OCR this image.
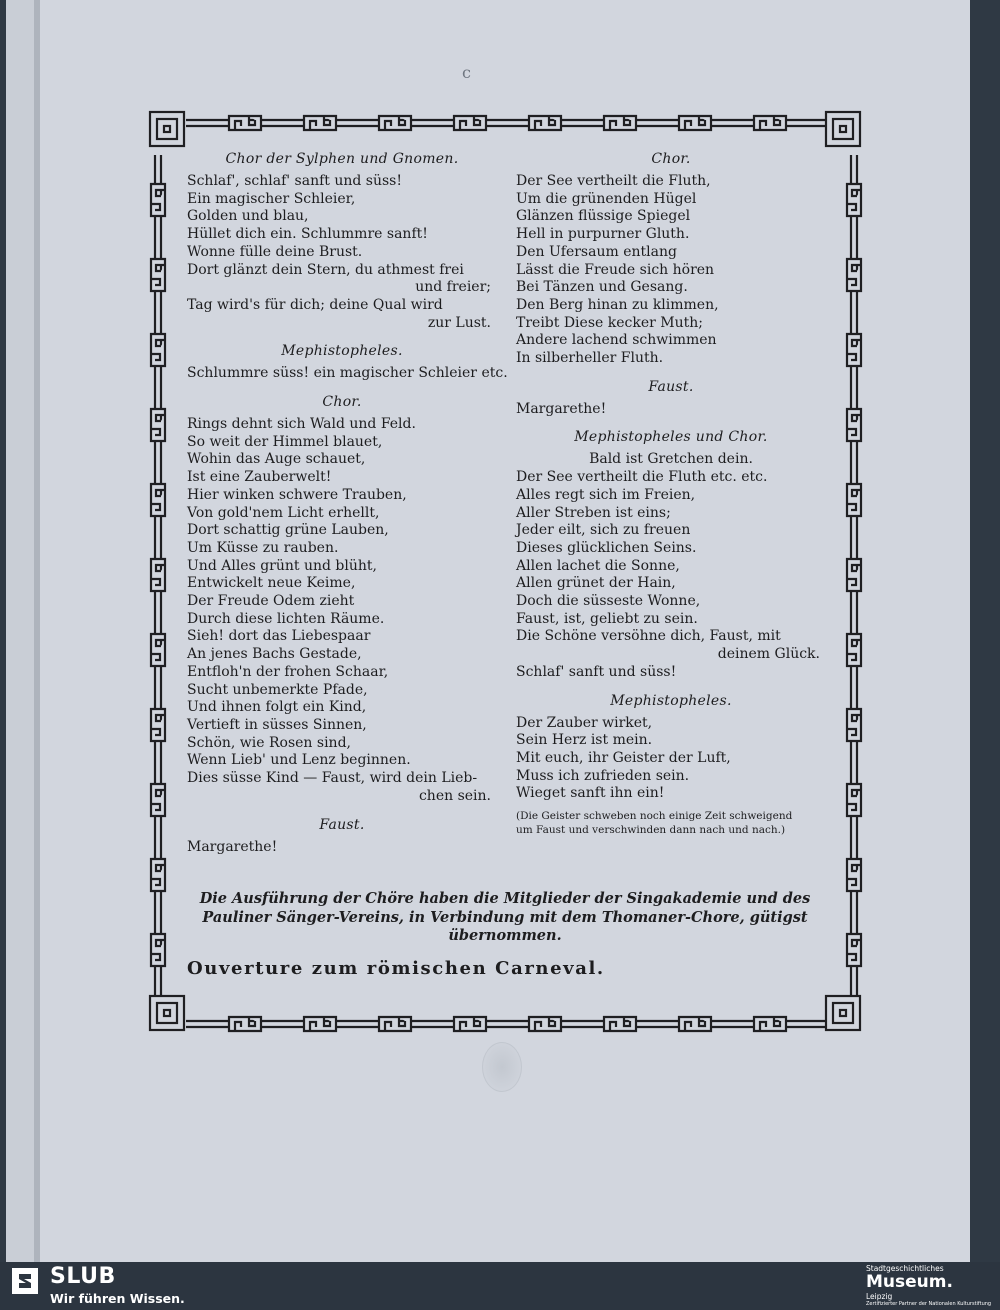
c
Chor der Sylphen und Gnomen.
Schlaf', schlaf' sanft und süss!
Ein magischer Schleier,
Golden und blau,
Hüllet dich ein. Schlummre sanft!
Wonne fülle deine Brust.
Dort glänzt dein Stern, du athmest frei
und freier;
Tag wird's für dich; deine Qual wird
zur Lust.
Mephistopheles.
Schlummre süss! ein magischer Schleier etc.
Chor.
Rings dehnt sich Wald und Feld.
So weit der Himmel blauet,
Wohin das Auge schauet,
Ist eine Zauberwelt!
Hier winken schwere Trauben,
Von gold'nem Licht erhellt,
Dort schattig grüne Lauben,
Um Küsse zu rauben.
Und Alles grünt und blüht,
Entwickelt neue Keime,
Der Freude Odem zieht
Durch diese lichten Räume.
Sieh! dort das Liebespaar
An jenes Bachs Gestade,
Entfloh'n der frohen Schaar,
Sucht unbemerkte Pfade,
Und ihnen folgt ein Kind,
Vertieft in süsses Sinnen,
Schön, wie Rosen sind,
Wenn Lieb' und Lenz beginnen.
Dies süsse Kind — Faust, wird dein Lieb-
chen sein.
Faust.
Margarethe!
Chor.
Der See vertheilt die Fluth,
Um die grünenden Hügel
Glänzen flüssige Spiegel
Hell in purpurner Gluth.
Den Ufersaum entlang
Lässt die Freude sich hören
Bei Tänzen und Gesang.
Den Berg hinan zu klimmen,
Treibt Diese kecker Muth;
Andere lachend schwimmen
In silberheller Fluth.
Faust.
Margarethe!
Mephistopheles und Chor.
Bald ist Gretchen dein.
Der See vertheilt die Fluth etc. etc.
Alles regt sich im Freien,
Aller Streben ist eins;
Jeder eilt, sich zu freuen
Dieses glücklichen Seins.
Allen lachet die Sonne,
Allen grünet der Hain,
Doch die süsseste Wonne,
Faust, ist, geliebt zu sein.
Die Schöne versöhne dich, Faust, mit
deinem Glück.
Schlaf' sanft und süss!
Mephistopheles.
Der Zauber wirket,
Sein Herz ist mein.
Mit euch, ihr Geister der Luft,
Muss ich zufrieden sein.
Wieget sanft ihn ein!
(Die Geister schweben noch einige Zeit schweigend
um Faust und verschwinden dann nach und nach.)
Die Ausführung der Chöre haben die Mitglieder der Singakademie und des Pauliner Sänger-Vereins, in Verbindung mit dem Thomaner-Chore, gütigst übernommen.
Ouverture zum römischen Carneval.
SLUB
Wir führen Wissen.
Stadtgeschichtliches
Museum.
Leipzig
Zertifizierter Partner der Nationalen Kulturstiftung
